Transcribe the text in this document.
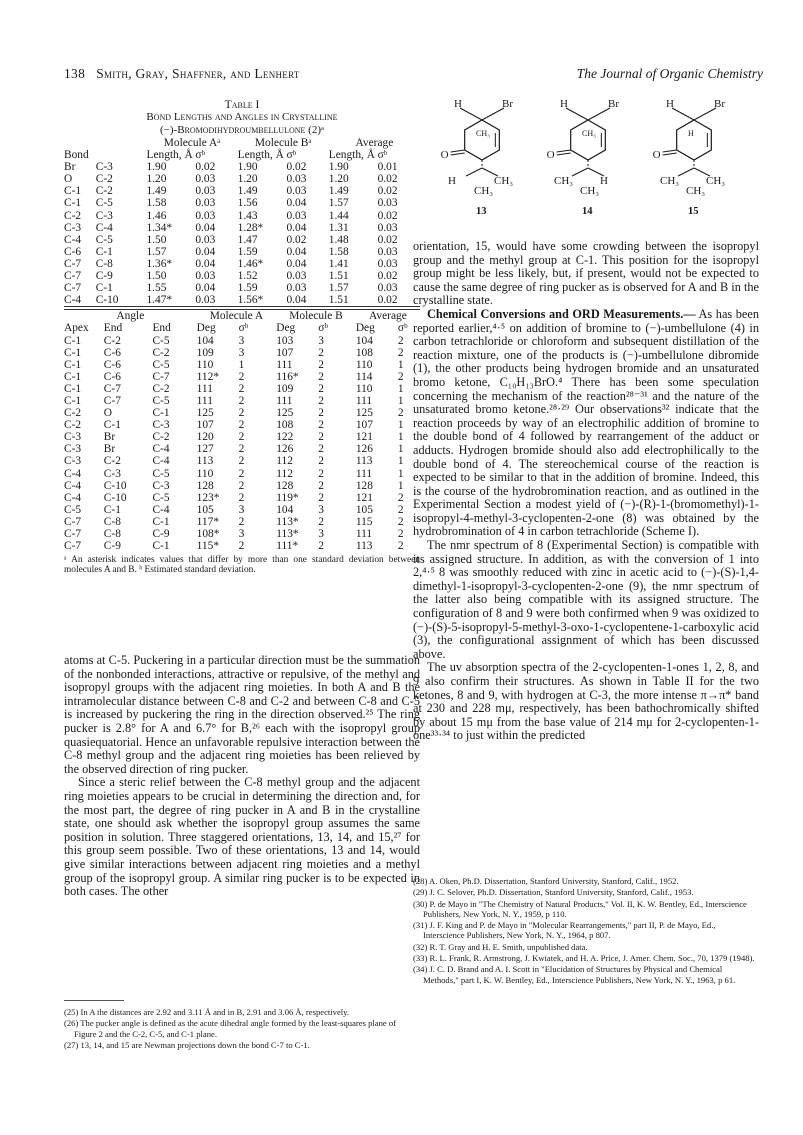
138 Smith, Gray, Shaffner, and Lenhert	The Journal of Organic Chemistry
Table I
Bond Lengths and Angles in Crystalline
(−)-Bromodihydroumbellulone (2)ᵃ
		Molecule Aᵃ		Molecule Bᵃ		Average	
Bond		Length, Å	σᵇ	Length, Å	σᵇ	Length, Å	σᵇ
Br	C-3	1.90	0.02	1.90	0.02	1.90	0.01
O	C-2	1.20	0.03	1.20	0.03	1.20	0.02
C-1	C-2	1.49	0.03	1.49	0.03	1.49	0.02
C-1	C-5	1.58	0.03	1.56	0.04	1.57	0.03
C-2	C-3	1.46	0.03	1.43	0.03	1.44	0.02
C-3	C-4	1.34*	0.04	1.28*	0.04	1.31	0.03
C-4	C-5	1.50	0.03	1.47	0.02	1.48	0.02
C-6	C-1	1.57	0.04	1.59	0.04	1.58	0.03
C-7	C-8	1.36*	0.04	1.46*	0.04	1.41	0.03
C-7	C-9	1.50	0.03	1.52	0.03	1.51	0.02
C-7	C-1	1.55	0.04	1.59	0.03	1.57	0.03
C-4	C-10	1.47*	0.03	1.56*	0.04	1.51	0.02
Angle			Molecule A		Molecule B		Average	
Apex	End	End	Deg	σᵇ	Deg	σᵇ	Deg	σᵇ
C-1	C-2	C-5	104	3	103	3	104	2
C-1	C-6	C-2	109	3	107	2	108	2
C-1	C-6	C-5	110	1	111	2	110	1
C-1	C-6	C-7	112*	2	116*	2	114	2
C-1	C-7	C-2	111	2	109	2	110	1
C-1	C-7	C-5	111	2	111	2	111	1
C-2	O	C-1	125	2	125	2	125	2
C-2	C-1	C-3	107	2	108	2	107	1
C-3	Br	C-2	120	2	122	2	121	1
C-3	Br	C-4	127	2	126	2	126	1
C-3	C-2	C-4	113	2	112	2	113	1
C-4	C-3	C-5	110	2	112	2	111	1
C-4	C-10	C-3	128	2	128	2	128	1
C-4	C-10	C-5	123*	2	119*	2	121	2
C-5	C-1	C-4	105	3	104	3	105	2
C-7	C-8	C-1	117*	2	113*	2	115	2
C-7	C-8	C-9	108*	3	113*	3	111	2
C-7	C-9	C-1	115*	2	111*	2	113	2
ᵃ An asterisk indicates values that differ by more than one standard deviation between molecules A and B. ᵇ Estimated standard deviation.
O
H	Br
CH₃
H	CH₃
CH₃
13
O
H	Br
CH₃
CH₃ H
CH₃
14
O
H	Br
H
CH₃ CH₃
CH₃
15

atoms at C-5. Puckering in a particular direction must be the summation of the nonbonded interactions, attractive or repulsive, of the methyl and isopropyl groups with the adjacent ring moieties. In both A and B the intramolecular distance between C-8 and C-2 and between C-8 and C-5 is increased by puckering the ring in the direction observed.²⁵ The ring pucker is 2.8° for A and 6.7° for B,²⁶ each with the isopropyl group quasiequatorial. Hence an unfavorable repulsive interaction between the C-8 methyl group and the adjacent ring moieties has been relieved by the observed direction of ring pucker.

Since a steric relief between the C-8 methyl group and the adjacent ring moieties appears to be crucial in determining the direction and, for the most part, the degree of ring pucker in A and B in the crystalline state, one should ask whether the isopropyl group assumes the same position in solution. Three staggered orientations, 13, 14, and 15,²⁷ for this group seem possible. Two of these orientations, 13 and 14, would give similar interactions between adjacent ring moieties and a methyl group of the isopropyl group. A similar ring pucker is to be expected in both cases. The other

(25) In A the distances are 2.92 and 3.11 Å and in B, 2.91 and 3.06 Å, respectively.
(26) The pucker angle is defined as the acute dihedral angle formed by the least-squares plane of Figure 2 and the C-2, C-5, and C-1 plane.
(27) 13, 14, and 15 are Newman projections down the bond C-7 to C-1.

orientation, 15, would have some crowding between the isopropyl group and the methyl group at C-1. This position for the isopropyl group might be less likely, but, if present, would not be expected to cause the same degree of ring pucker as is observed for A and B in the crystalline state.

Chemical Conversions and ORD Measurements.— As has been reported earlier,⁴·⁵ on addition of bromine to (−)-umbellulone (4) in carbon tetrachloride or chloroform and subsequent distillation of the reaction mixture, one of the products is (−)-umbellulone dibromide (1), the other products being hydrogen bromide and an unsaturated bromo ketone, C₁₀H₁₃BrO.⁴ There has been some speculation concerning the mechanism of the reaction²⁸⁻³¹ and the nature of the unsaturated bromo ketone.²⁸·²⁹ Our observations³² indicate that the reaction proceeds by way of an electrophilic addition of bromine to the double bond of 4 followed by rearrangement of the adduct or adducts. Hydrogen bromide should also add electrophilically to the double bond of 4. The stereochemical course of the reaction is expected to be similar to that in the addition of bromine. Indeed, this is the course of the hydrobromination reaction, and as outlined in the Experimental Section a modest yield of (−)-(R)-1-(bromomethyl)-1-isopropyl-4-methyl-3-cyclopenten-2-one (8) was obtained by the hydrobromination of 4 in carbon tetrachloride (Scheme I).

The nmr spectrum of 8 (Experimental Section) is compatible with its assigned structure. In addition, as with the conversion of 1 into 2,⁴·⁵ 8 was smoothly reduced with zinc in acetic acid to (−)-(S)-1,4-dimethyl-1-isopropyl-3-cyclopenten-2-one (9), the nmr spectrum of the latter also being compatible with its assigned structure. The configuration of 8 and 9 were both confirmed when 9 was oxidized to (−)-(S)-5-isopropyl-5-methyl-3-oxo-1-cyclopentene-1-carboxylic acid (3), the configurational assignment of which has been discussed above.

The uv absorption spectra of the 2-cyclopenten-1-ones 1, 2, 8, and 9 also confirm their structures. As shown in Table II for the two ketones, 8 and 9, with hydrogen at C-3, the more intense π→π* band at 230 and 228 mμ, respectively, has been bathochromically shifted by about 15 mμ from the base value of 214 mμ for 2-cyclopenten-1-one³³·³⁴ to just within the predicted

(28) A. Oken, Ph.D. Dissertation, Stanford University, Stanford, Calif., 1952.
(29) J. C. Selover, Ph.D. Dissertation, Stanford University, Stanford, Calif., 1953.
(30) P. de Mayo in "The Chemistry of Natural Products," Vol. II, K. W. Bentley, Ed., Interscience Publishers, New York, N. Y., 1959, p 110.
(31) J. F. King and P. de Mayo in "Molecular Rearrangements," part II, P. de Mayo, Ed., Interscience Publishers, New York, N. Y., 1964, p 807.
(32) R. T. Gray and H. E. Smith, unpublished data.
(33) R. L. Frank, R. Armstrong, J. Kwiatek, and H. A. Price, J. Amer. Chem. Soc., 70, 1379 (1948).
(34) J. C. D. Brand and A. I. Scott in "Elucidation of Structures by Physical and Chemical Methods," part I, K. W. Bentley, Ed., Interscience Publishers, New York, N. Y., 1963, p 61.
